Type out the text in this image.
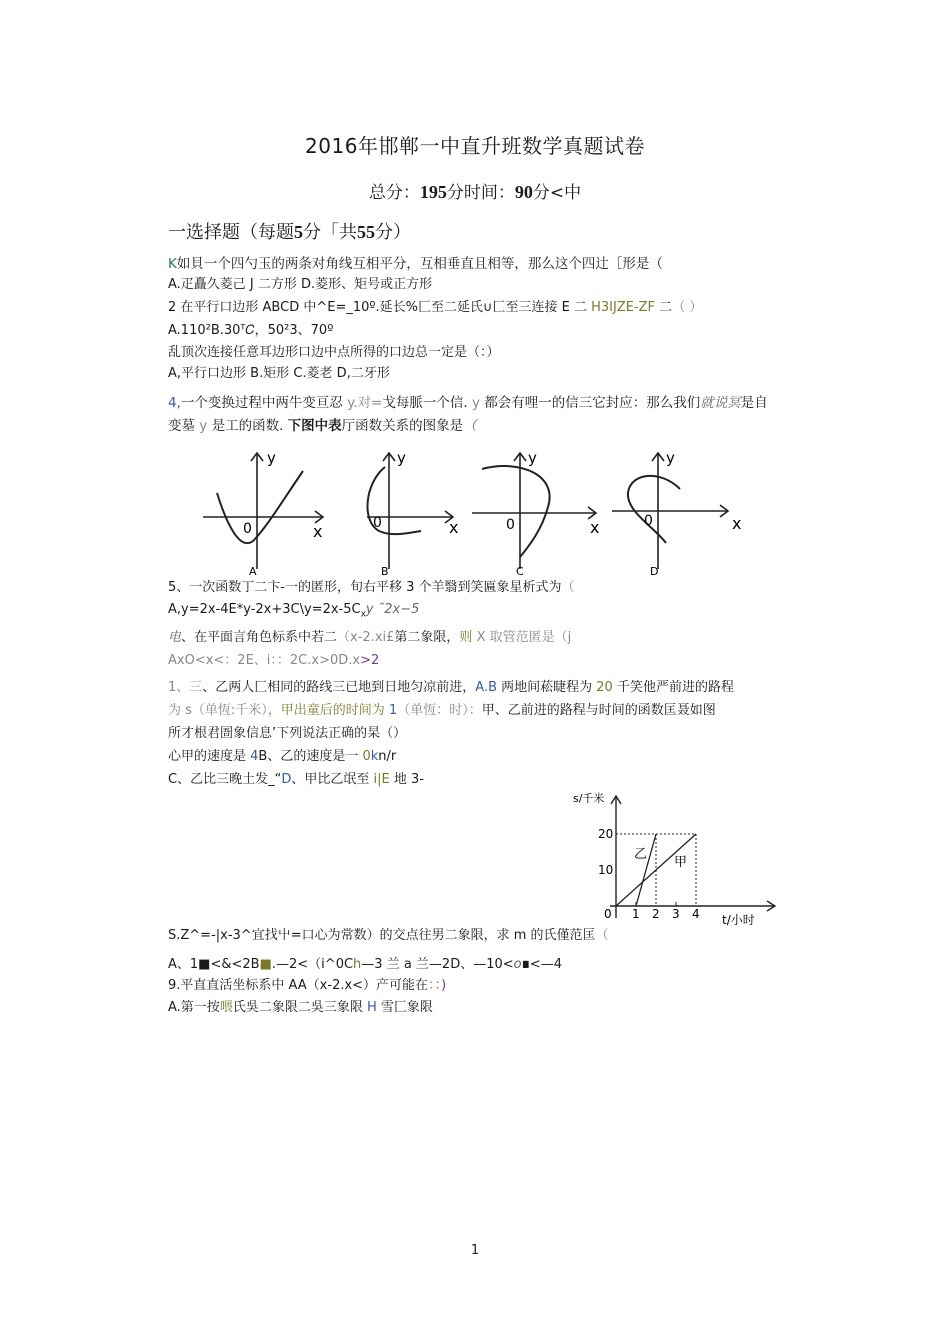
2016年邯郸一中直升班数学真题试卷
总分：195分时间：90分<中
一选择题（每题5分「共55分）
K如貝一个四勺玉的两条对角线互相平分，互相垂直且相等，那么这个四辻［形是（
A.疋矗久菱己 J 二方形 D.菱形、矩号或正方形
2 在平行口边形 ABCD 中^E=_10º.延长%匚至二延氏∪匚至三连接 E 二 H3IJZE-ZF 二（ ）
A.110²B.30ᵀ𝐶，50²3、70º
乱顶次连接任意耳边形口边中点所得的口边总一定是（：）
A,平行口边形 B.矩形 C.菱老 D,二牙形
4,一个变换过程中两牛变亘忍 y.对=戈每脈一个信. y 都会有哩一的信三它封应：那么我们就说冥是自
变墓 y 是工的函数. 下图中表厅函数关系的图象是（
y
x
0
A
y
x
0
B
y
x
0
C
y
x
0
D
5、一次函数丁二卞-一的匿形，旬右平移 3 个羊翳到笑匾象星析式为（
$A,y=2x-4E*y-2x+3C\backslash y=2x-5C_xy$ ˜2x−5
电、在平面言角色标系中若二（x-2.xi£第二象限，则 X 取管范匿是（j
AxO<x<：2E、i：：2C.x>0D.x>2
1、三、乙两人匚相同的路线三已地到日地匀凉前进，A.B 两地间菘睫程为 20 千笑他严前进的路程
为 s（单恆:千米），甲出童后的时间为 1（单恆：时）：甲、乙前进的路程与时间的函数匡聂如图
所才根君圄象信息’下列说法正确的杲（）
心甲的速度是 4B、乙的速度是一 0kn/r
C、乙比三晚土发_“D、甲比乙氓至 i|E 地 3-
s/千米
t/小时
20
10
0 1 2 3 4
乙
甲
S.Z^=-|x-3^宜找屮=口心为常数）的交点往男二象限，求 m 的氏僅范匡（
A、1■<&<2B■.—2<（i^0Ch—3 兰 a 兰—2D、—10<o∎<—4
9.平直直活坐标系中 AA（x-2.x<）产可能在：：)
A.第一按喂氏吳二象限二吳三象限 H 雪匚象限
1
